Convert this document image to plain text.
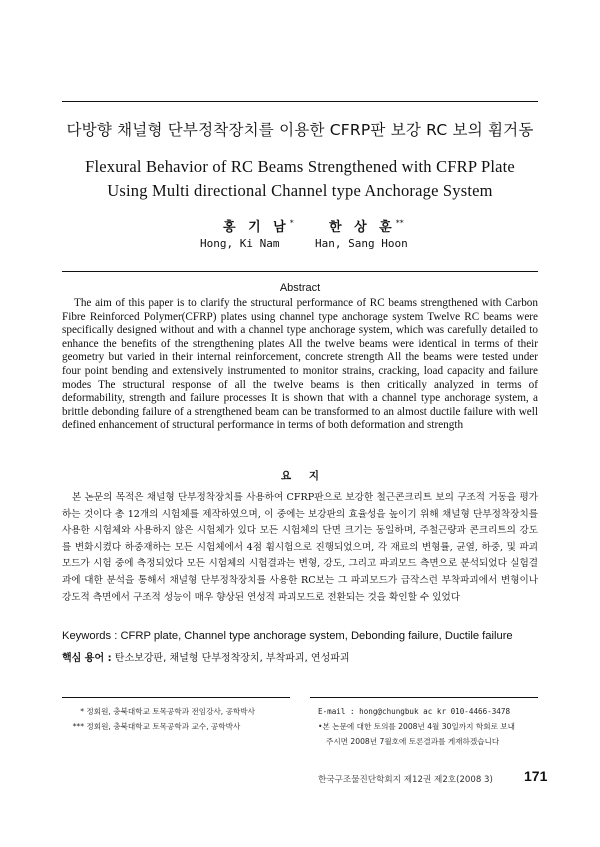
다방향 채널형 단부정착장치를 이용한 CFRP판 보강 RC 보의 휨거동
Flexural Behavior of RC Beams Strengthened with CFRP Plate
Using Multi directional Channel type Anchorage System
홍 기 남*	한 상 훈**
Hong, Ki Nam	Han, Sang Hoon
Abstract
The aim of this paper is to clarify the structural performance of RC beams strengthened with Carbon Fibre Reinforced Polymer(CFRP) plates using channel type anchorage system Twelve RC beams were specifically designed without and with a channel type anchorage system, which was carefully detailed to enhance the benefits of the strengthening plates All the twelve beams were identical in terms of their geometry but varied in their internal reinforcement, concrete strength All the beams were tested under four point bending and extensively instrumented to monitor strains, cracking, load capacity and failure modes The structural response of all the twelve beams is then critically analyzed in terms of deformability, strength and failure processes It is shown that with a channel type anchorage system, a brittle debonding failure of a strengthened beam can be transformed to an almost ductile failure with well defined enhancement of structural performance in terms of both deformation and strength
요 지
본 논문의 목적은 채널형 단부정착장치를 사용하여 CFRP판으로 보강한 철근콘크리트 보의 구조적 거동을 평가하는 것이다 총 12개의 시험체를 제작하였으며, 이 중에는 보강판의 효율성을 높이기 위해 채널형 단부정착장치를 사용한 시험체와 사용하지 않은 시험체가 있다 모든 시험체의 단면 크기는 동일하며, 주철근량과 콘크리트의 강도를 변화시켰다 하중재하는 모든 시험체에서 4점 휨시험으로 진행되었으며, 각 재료의 변형률, 균열, 하중, 및 파괴모드가 시험 중에 측정되었다 모든 시험체의 시험결과는 변형, 강도, 그리고 파괴모드 측면으로 분석되었다 실험결과에 대한 분석을 통해서 채널형 단부정착장치를 사용한 RC보는 그 파괴모드가 급작스런 부착파괴에서 변형이나 강도적 측면에서 구조적 성능이 매우 향상된 연성적 파괴모드로 전환되는 것을 확인할 수 있었다
Keywords : CFRP plate, Channel type anchorage system, Debonding failure, Ductile failure
핵심 용어 : 탄소보강판, 채널형 단부정착장치, 부착파괴, 연성파괴
* 정회원, 충북대학교 토목공학과 전임강사, 공학박사
*** 정회원, 충북대학교 토목공학과 교수, 공학박사
E-mail : hong@chungbuk ac kr 010-4466-3478
•본 논문에 대한 토의를 2008년 4월 30일까지 학회로 보내
주시면 2008년 7월호에 토론결과를 게재하겠습니다
한국구조물진단학회지 제12권 제2호(2008 3) 171
